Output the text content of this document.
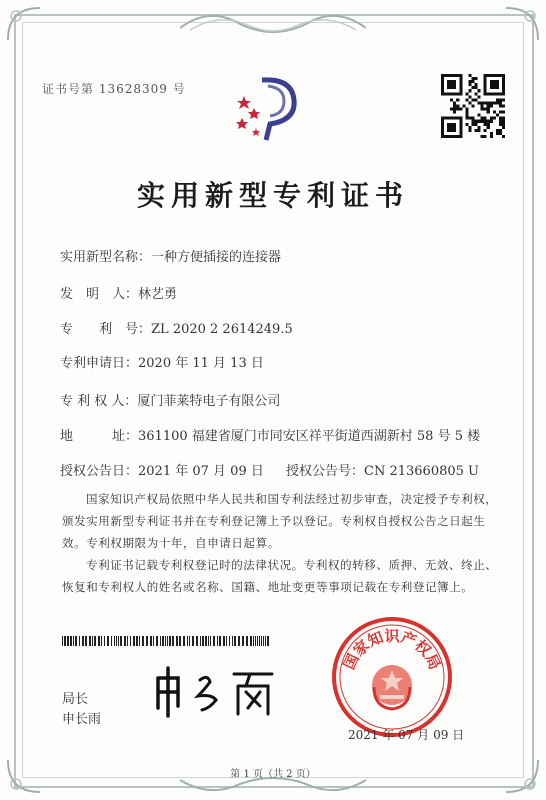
证书号第 13628309 号
实用新型专利证书
实用新型名称：一种方便插接的连接器
发　明　人：林艺勇
专　　利　号：ZL 2020 2 2614249.5
专利申请日：2020 年 11 月 13 日
专 利 权 人：厦门菲莱特电子有限公司
地　　　址：361100 福建省厦门市同安区祥平街道西湖新村 58 号 5 楼
授权公告日：2021 年 07 月 09 日 授权公告号：CN 213660805 U
国家知识产权局依照中华人民共和国专利法经过初步审查，决定授予专利权，颁发实用新型专利证书并在专利登记簿上予以登记。专利权自授权公告之日起生效。专利权期限为十年，自申请日起算。
专利证书记载专利权登记时的法律状况。专利权的转移、质押、无效、终止、恢复和专利权人的姓名或名称、国籍、地址变更等事项记载在专利登记簿上。
局长
申长雨
国家知识产权局
2021 年 07 月 09 日
第 1 页（共 2 页）
